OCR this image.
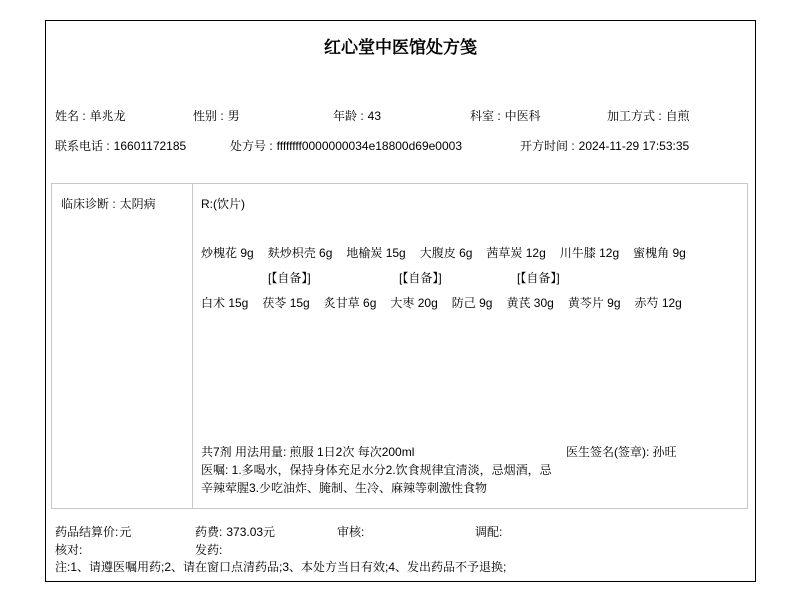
红心堂中医馆处方笺
姓名 : 单兆龙	性别 : 男	年龄 : 43	科室 : 中医科	加工方式 : 自煎
联系电话 : 16601172185	处方号 : ffffffff0000000034e18800d69e0003	开方时间 : 2024-11-29 17:53:35
临床诊断 : 太阴病	R:(饮片)
炒槐花 9g 麸炒枳壳 6g 地榆炭 15g 大腹皮 6g 茜草炭 12g 川牛膝 12g 蜜槐角 9g
[【自备】]	[【自备】]	[【自备】]
白术 15g 茯苓 15g 炙甘草 6g 大枣 20g 防己 9g 黄芪 30g 黄芩片 9g 赤芍 12g
共7剂 用法用量: 煎服 1日2次 每次200ml	医生签名(签章): 孙旺
医嘱: 1.多喝水，保持身体充足水分2.饮食规律宜清淡，忌烟酒，忌
辛辣荤腥3.少吃油炸、腌制、生冷、麻辣等刺激性食物
药品结算价:元	药费: 373.03元	审核:	调配:
核对:	发药:
注:1、请遵医嘱用药;2、请在窗口点清药品;3、本处方当日有效;4、发出药品不予退换;
